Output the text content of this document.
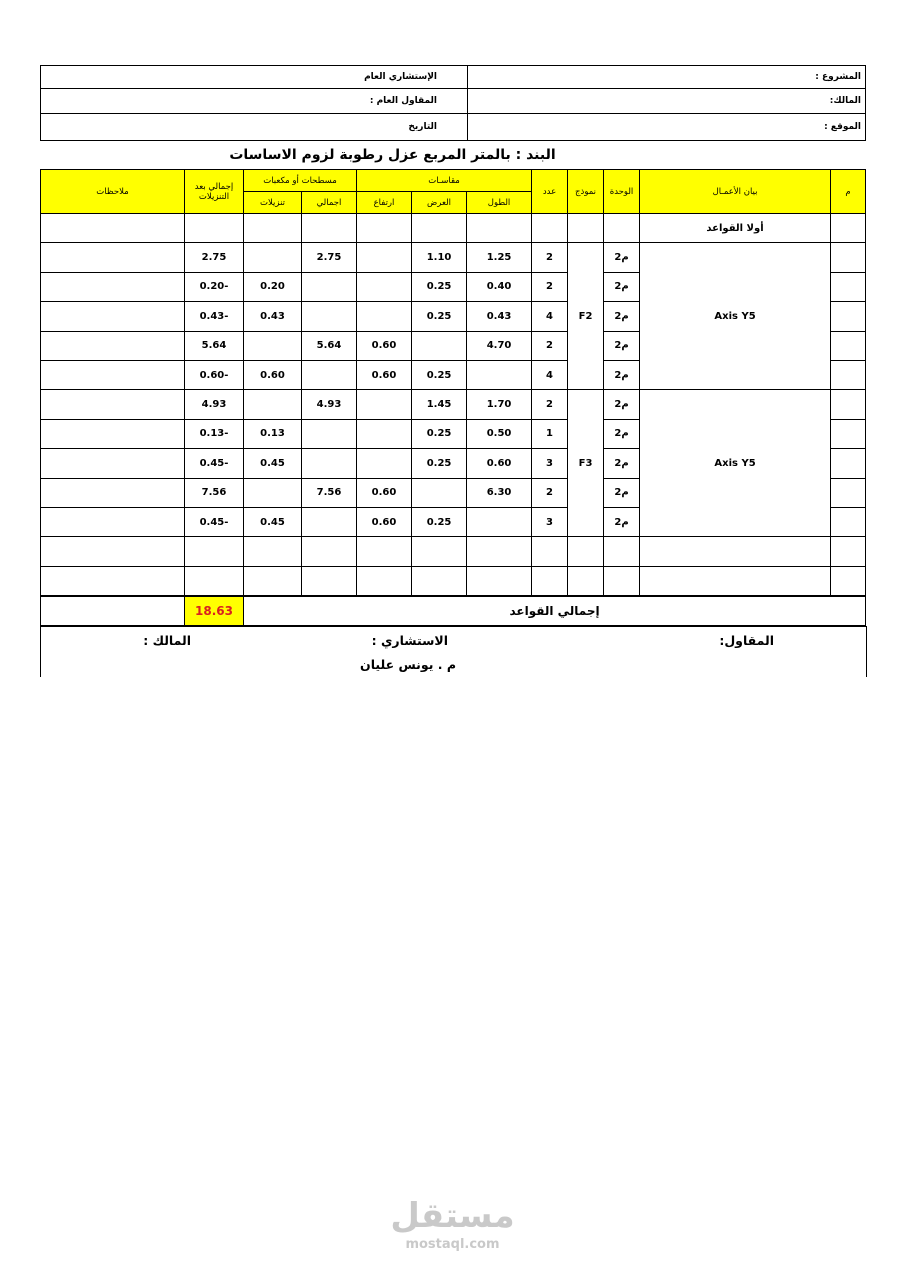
المشروع :	الإستشاري العام
المالك:	المقاول العام :
الموقع :	التاريخ
البند : بالمتر المربع عزل رطوبة لزوم الاساسات
م	بيان الأعمـال	الوحدة	نموذج	عدد	مقاسـات			مسطحات أو مكعبات		إجمالي بعد التنزيلات	ملاحظات
					الطول	العرض	ارتفاع	اجمالي	تنزيلات		
	أولا القواعد										
	Axis Y5	م2	F2	2	1.25	1.10		2.75		2.75	
		م2		2	0.40	0.25			0.20	-0.20	
		م2		4	0.43	0.25			0.43	-0.43	
		م2		2	4.70		0.60	5.64		5.64	
		م2		4		0.25	0.60		0.60	-0.60	
	Axis Y5	م2	F3	2	1.70	1.45		4.93		4.93	
		م2		1	0.50	0.25			0.13	-0.13	
		م2		3	0.60	0.25			0.45	-0.45	
		م2		2	6.30		0.60	7.56		7.56	
		م2		3		0.25	0.60		0.45	-0.45	

إجمالي القواعد	18.63	
المقاول:
الاستشاري :
المالك :
م . يونس عليان
مستقل
mostaql.com
